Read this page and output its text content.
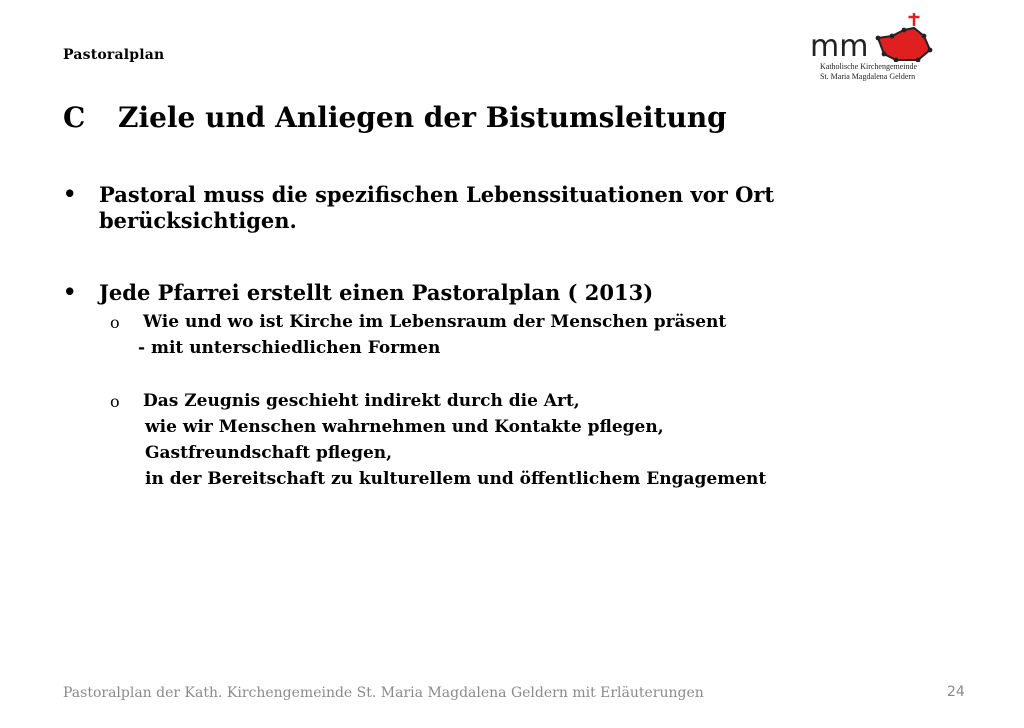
Pastoralplan	mm
Katholische Kirchengemeinde
St. Maria Magdalena Geldern
C Ziele und Anliegen der Bistumsleitung
•	Pastoral muss die spezifischen Lebenssituationen vor Ort berücksichtigen.
•	Jede Pfarrei erstellt einen Pastoralplan ( 2013)
o Wie und wo ist Kirche im Lebensraum der Menschen präsent
- mit unterschiedlichen Formen
o Das Zeugnis geschieht indirekt durch die Art,
wie wir Menschen wahrnehmen und Kontakte pflegen,
Gastfreundschaft pflegen,
in der Bereitschaft zu kulturellem und öffentlichem Engagement
Pastoralplan der Kath. Kirchengemeinde St. Maria Magdalena Geldern mit Erläuterungen	24
